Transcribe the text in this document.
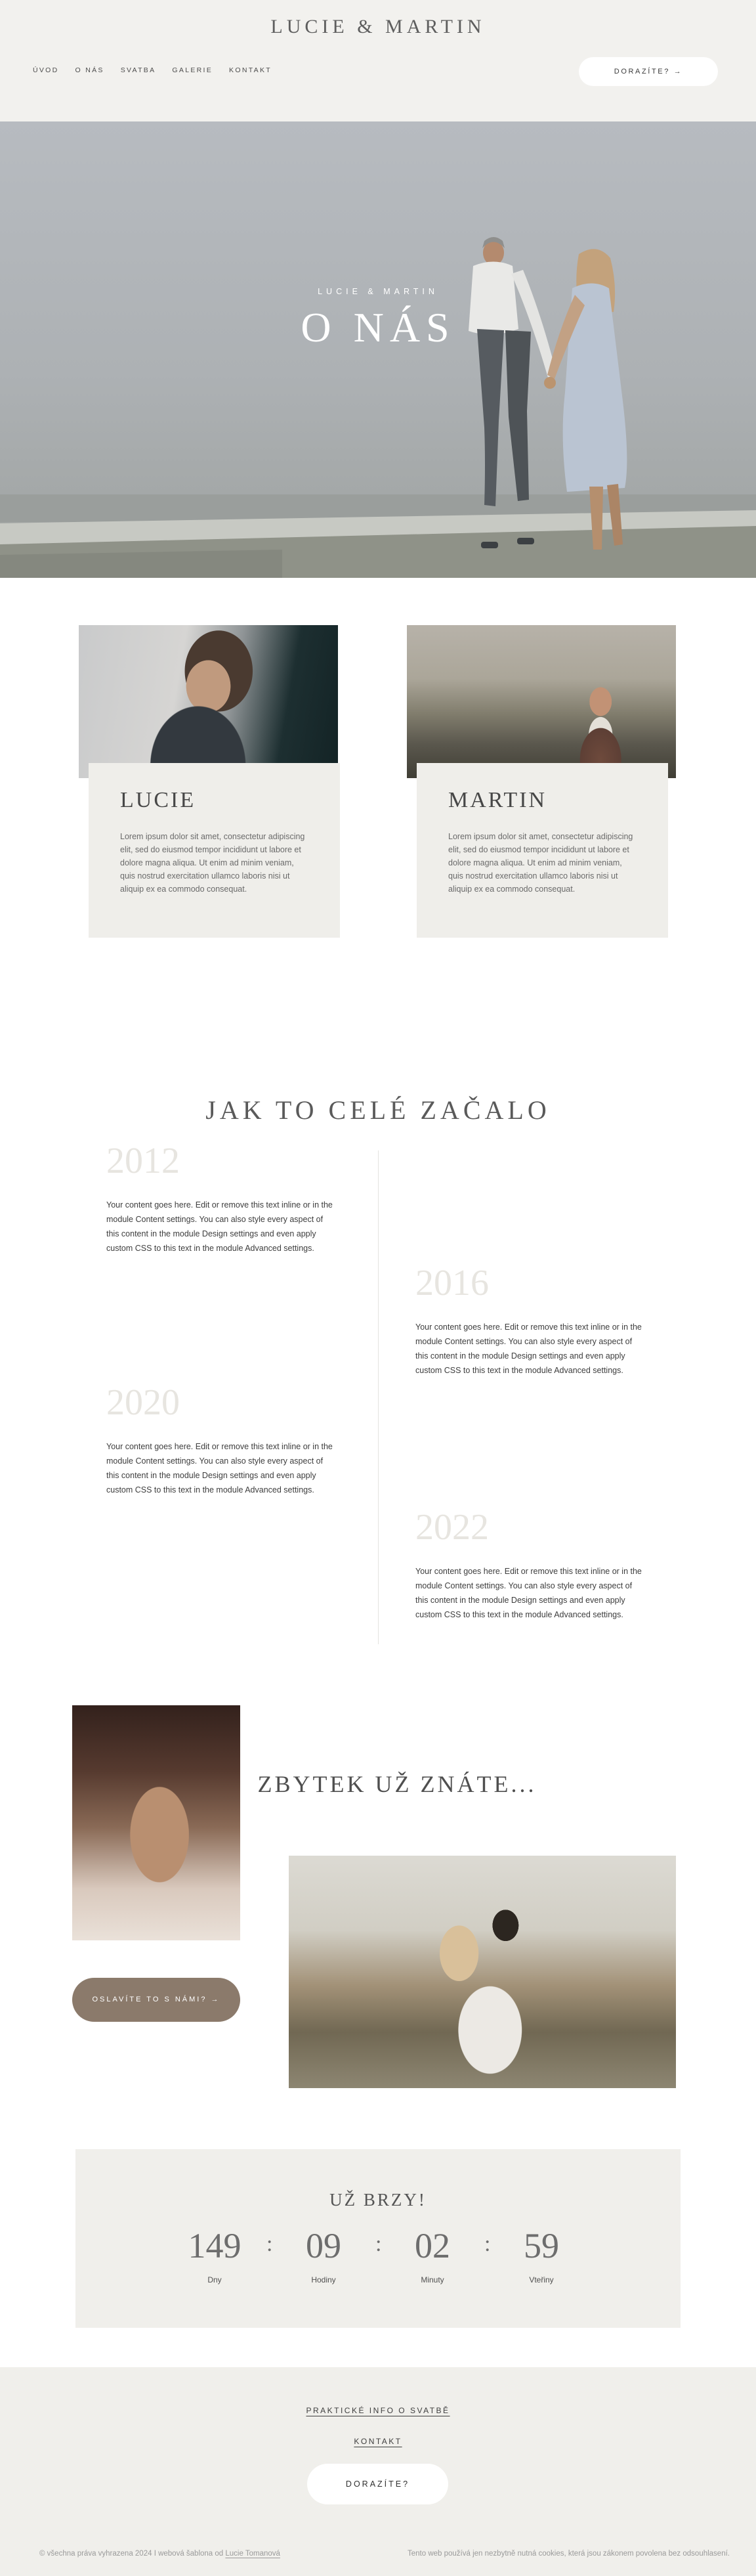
LUCIE & MARTIN
ÚVOD O NÁS SVATBA GALERIE KONTAKT	DORAZÍTE? →
LUCIE & MARTIN
O NÁS
LUCIE

Lorem ipsum dolor sit amet, consectetur adipiscing elit, sed do eiusmod tempor incididunt ut labore et dolore magna aliqua. Ut enim ad minim veniam, quis nostrud exercitation ullamco laboris nisi ut aliquip ex ea commodo consequat.

MARTIN

Lorem ipsum dolor sit amet, consectetur adipiscing elit, sed do eiusmod tempor incididunt ut labore et dolore magna aliqua. Ut enim ad minim veniam, quis nostrud exercitation ullamco laboris nisi ut aliquip ex ea commodo consequat.

JAK TO CELÉ ZAČALO
2012

Your content goes here. Edit or remove this text inline or in the module Content settings. You can also style every aspect of this content in the module Design settings and even apply custom CSS to this text in the module Advanced settings.

2016

Your content goes here. Edit or remove this text inline or in the module Content settings. You can also style every aspect of this content in the module Design settings and even apply custom CSS to this text in the module Advanced settings.

2020

Your content goes here. Edit or remove this text inline or in the module Content settings. You can also style every aspect of this content in the module Design settings and even apply custom CSS to this text in the module Advanced settings.

2022

Your content goes here. Edit or remove this text inline or in the module Content settings. You can also style every aspect of this content in the module Design settings and even apply custom CSS to this text in the module Advanced settings.

OSLAVÍTE TO S NÁMI? →
ZBYTEK UŽ ZNÁTE...
UŽ BRZY!
149
Dny
: 09
Hodiny
: 02
Minuty
: 59
Vteřiny
PRAKTICKÉ INFO O SVATBĚ
KONTAKT
DORAZÍTE?
© všechna práva vyhrazena 2024 I webová šablona od Lucie Tomanová	Tento web používá jen nezbytně nutná cookies, která jsou zákonem povolena bez odsouhlasení.
